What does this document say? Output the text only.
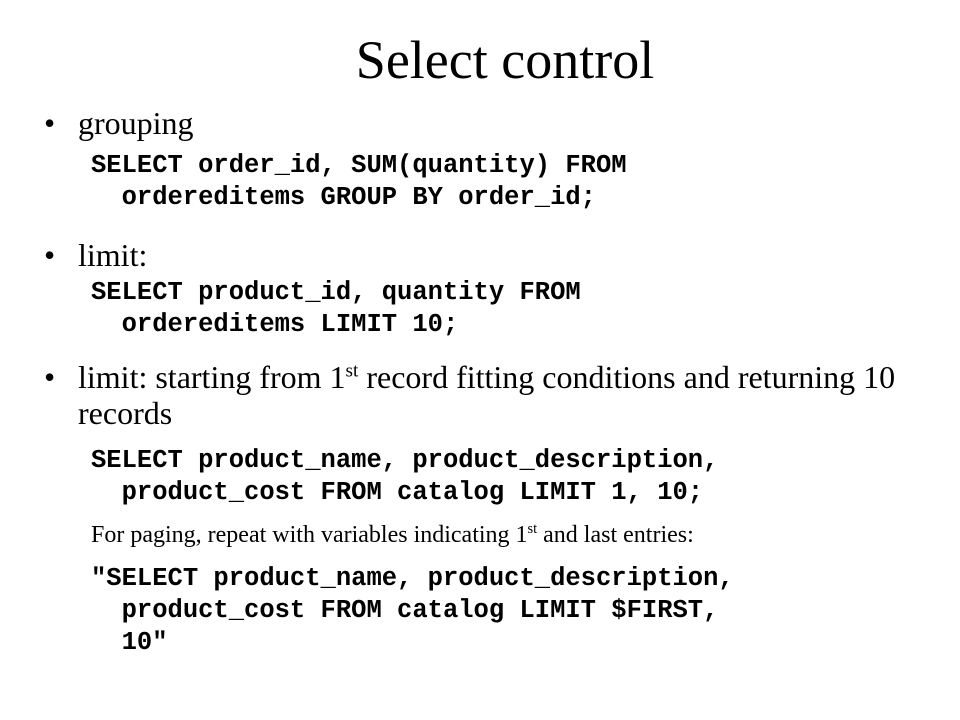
Select control
• grouping
SELECT order_id, SUM(quantity) FROM
ordereditems GROUP BY order_id;
• limit:
SELECT product_id, quantity FROM
ordereditems LIMIT 10;
• limit: starting from 1st record fitting conditions and returning 10 records
SELECT product_name, product_description,
product_cost FROM catalog LIMIT 1, 10;
For paging, repeat with variables indicating 1st and last entries:
"SELECT product_name, product_description,
product_cost FROM catalog LIMIT $FIRST,
10"
